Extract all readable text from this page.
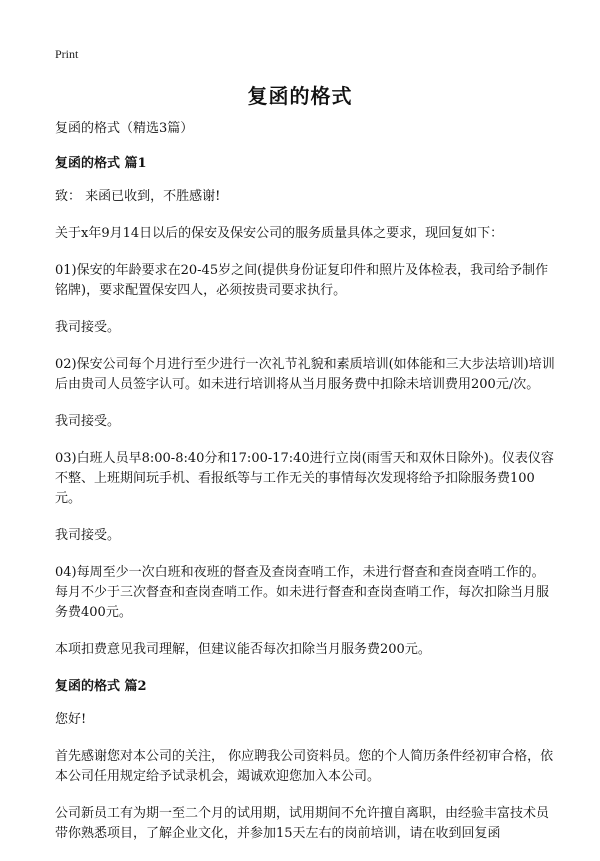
Print
复函的格式

复函的格式（精选3篇）

复函的格式 篇1

致： 来函已收到，不胜感谢!

关于x年9月14日以后的保安及保安公司的服务质量具体之要求，现回复如下：

01)保安的年龄要求在20-45岁之间(提供身份证复印件和照片及体检表，我司给予制作铭牌)，要求配置保安四人，必须按贵司要求执行。

我司接受。

02)保安公司每个月进行至少进行一次礼节礼貌和素质培训(如体能和三大步法培训)培训后由贵司人员签字认可。如未进行培训将从当月服务费中扣除未培训费用200元/次。

我司接受。

03)白班人员早8:00-8:40分和17:00-17:40进行立岗(雨雪天和双休日除外)。仪表仪容不整、上班期间玩手机、看报纸等与工作无关的事情每次发现将给予扣除服务费100元。

我司接受。

04)每周至少一次白班和夜班的督查及查岗查哨工作，未进行督查和查岗查哨工作的。每月不少于三次督查和查岗查哨工作。如未进行督查和查岗查哨工作，每次扣除当月服务费400元。

本项扣费意见我司理解，但建议能否每次扣除当月服务费200元。

复函的格式 篇2

您好!

首先感谢您对本公司的关注， 你应聘我公司资料员。您的个人简历条件经初审合格，依本公司任用规定给予试录机会，竭诚欢迎您加入本公司。

公司新员工有为期一至二个月的试用期，试用期间不允许擅自离职，由经验丰富技术员带你熟悉项目，了解企业文化，并参加15天左右的岗前培训，请在收到回复函
